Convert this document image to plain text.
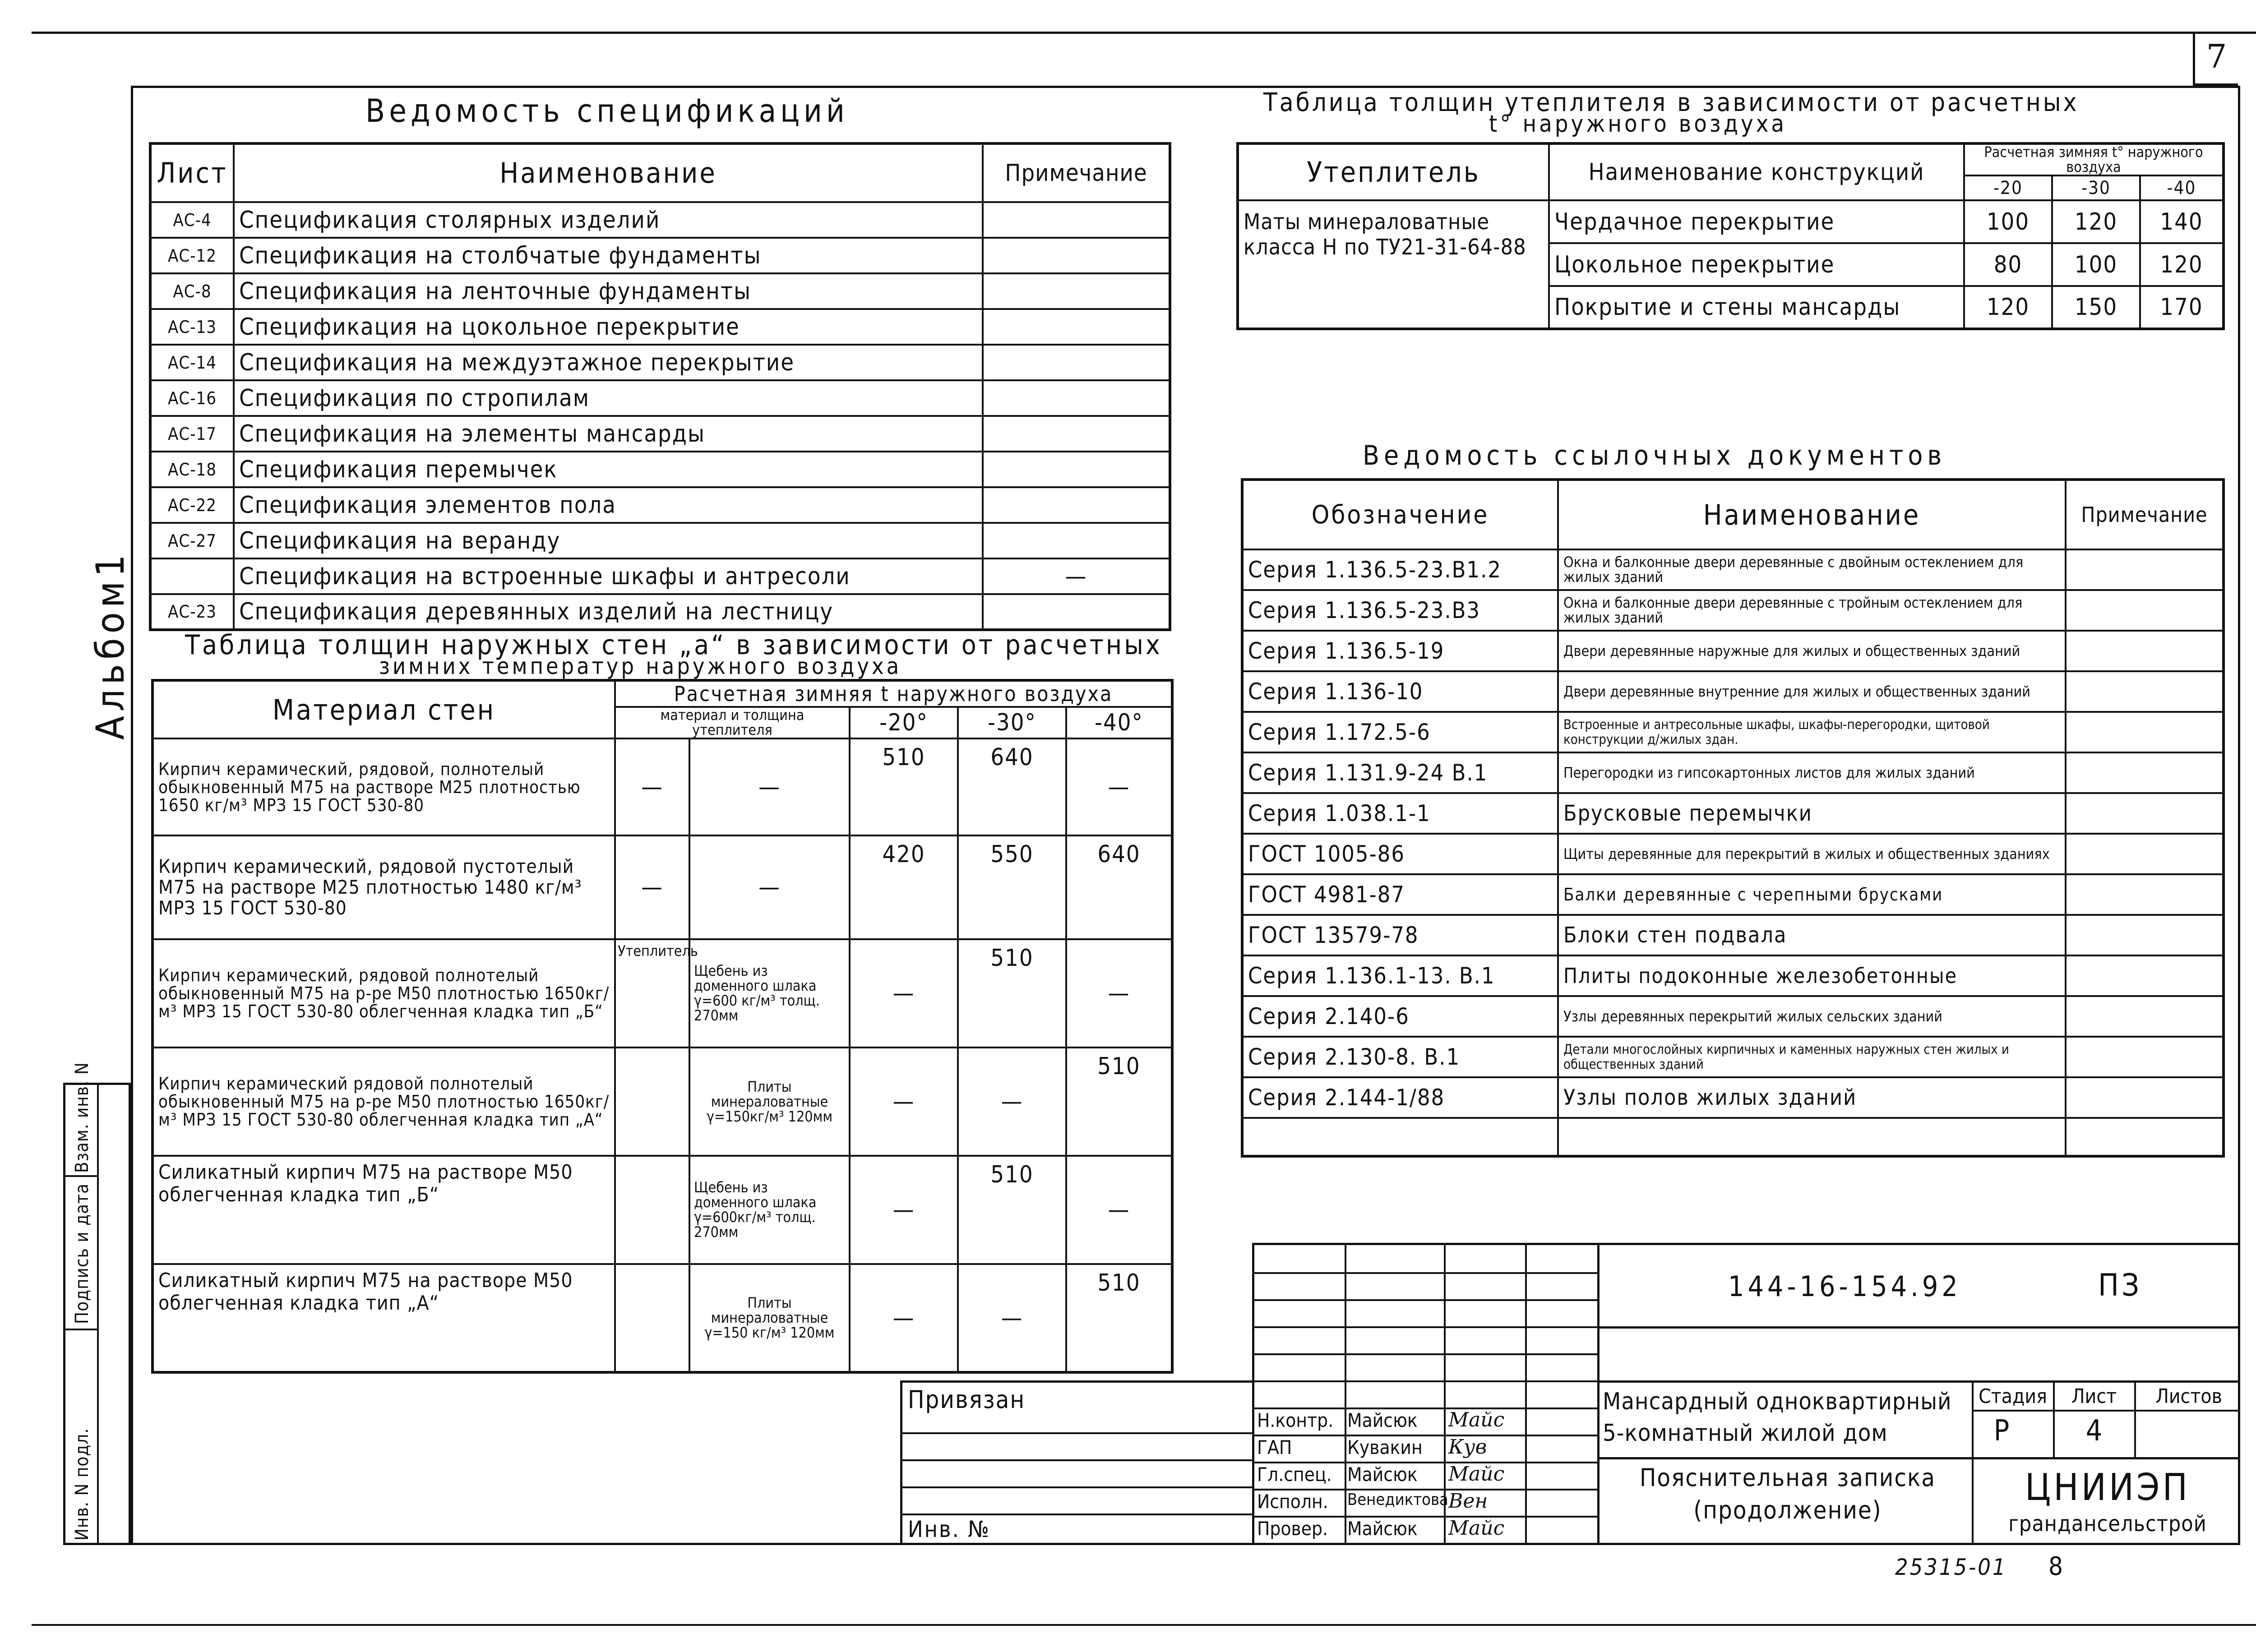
7
Альбом1
Инв. N подл.
Подпись и дата
Взам. инв. N
Ведомость спецификаций
Лист	Наименование	Примечание
АС-4	Спецификация столярных изделий	
АС-12	Спецификация на столбчатые фундаменты	
АС-8	Спецификация на ленточные фундаменты	
АС-13	Спецификация на цокольное перекрытие	
АС-14	Спецификация на междуэтажное перекрытие	
АС-16	Спецификация по стропилам	
АС-17	Спецификация на элементы мансарды	
АС-18	Спецификация перемычек	
АС-22	Спецификация элементов пола	
АС-27	Спецификация на веранду	
	Спецификация на встроенные шкафы и антресоли	—
АС-23	Спецификация деревянных изделий на лестницу	
Таблица толщин наружных стен „а“ в зависимости от расчетных
зимних температур наружного воздуха
Материал стен	Расчетная зимняя t наружного воздуха				
	материал и толщина утеплителя		-20°	-30°	-40°
Кирпич керамический, рядовой, полнотелый обыкновенный М75 на растворе М25 плотностью 1650 кг/м³ МРЗ 15 ГОСТ 530-80	—	—	510	640	—
Кирпич керамический, рядовой пустотелый М75 на растворе М25 плотностью 1480 кг/м³ МРЗ 15 ГОСТ 530-80	—	—	420	550	640
Кирпич керамический, рядовой полнотелый обыкновенный М75 на р-ре М50 плотностью 1650кг/м³ МРЗ 15 ГОСТ 530-80 облегченная кладка тип „Б“	Утеплитель	Щебень из доменного шлака γ=600 кг/м³ толщ. 270мм	—	510	—
Кирпич керамический рядовой полнотелый обыкновенный М75 на р-ре М50 плотностью 1650кг/м³ МРЗ 15 ГОСТ 530-80 облегченная кладка тип „А“		Плиты минераловатные γ=150кг/м³ 120мм	—	—	510
Силикатный кирпич М75 на растворе М50 облегченная кладка тип „Б“		Щебень из доменного шлака γ=600кг/м³ толщ. 270мм	—	510	—
Силикатный кирпич М75 на растворе М50 облегченная кладка тип „А“		Плиты минераловатные γ=150 кг/м³ 120мм	—	—	510
Таблица толщин утеплителя в зависимости от расчетных
t° наружного воздуха
Утеплитель	Наименование конструкций	Расчетная зимняя t° наружного воздуха		
		-20	-30	-40
Маты минераловатные класса Н по ТУ21-31-64-88	Чердачное перекрытие	100	120	140
	Цокольное перекрытие	80	100	120
	Покрытие и стены мансарды	120	150	170
Ведомость ссылочных документов
Обозначение	Наименование	Примечание
Серия 1.136.5-23.В1.2	Окна и балконные двери деревянные с двойным остеклением для жилых зданий	
Серия 1.136.5-23.В3	Окна и балконные двери деревянные с тройным остеклением для жилых зданий	
Серия 1.136.5-19	Двери деревянные наружные для жилых и общественных зданий	
Серия 1.136-10	Двери деревянные внутренние для жилых и общественных зданий	
Серия 1.172.5-6	Встроенные и антресольные шкафы, шкафы-перегородки, щитовой конструкции д/жилых здан.	
Серия 1.131.9-24 В.1	Перегородки из гипсокартонных листов для жилых зданий	
Серия 1.038.1-1	Брусковые перемычки	
ГОСТ 1005-86	Щиты деревянные для перекрытий в жилых и общественных зданиях	
ГОСТ 4981-87	Балки деревянные с черепными брусками	
ГОСТ 13579-78	Блоки стен подвала	
Серия 1.136.1-13. В.1	Плиты подоконные железобетонные	
Серия 2.140-6	Узлы деревянных перекрытий жилых сельских зданий	
Серия 2.130-8. В.1	Детали многослойных кирпичных и каменных наружных стен жилых и общественных зданий	
Серия 2.144-1/88	Узлы полов жилых зданий	

Привязан
Инв. №
144-16-154.92	ПЗ
Мансардный одноквартирный 5-комнатный жилой дом
Стадия	Лист	Листов
Р	4
Пояснительная записка (продолжение)
ЦНИИЭП
грандансельстрой
Н.контр. Майсюк Майс
ГАП	Кувакин Кув
Гл.спец. Майсюк Майс
Исполн. Венедиктова Вен
Провер. Майсюк Майс
25315-01 8
